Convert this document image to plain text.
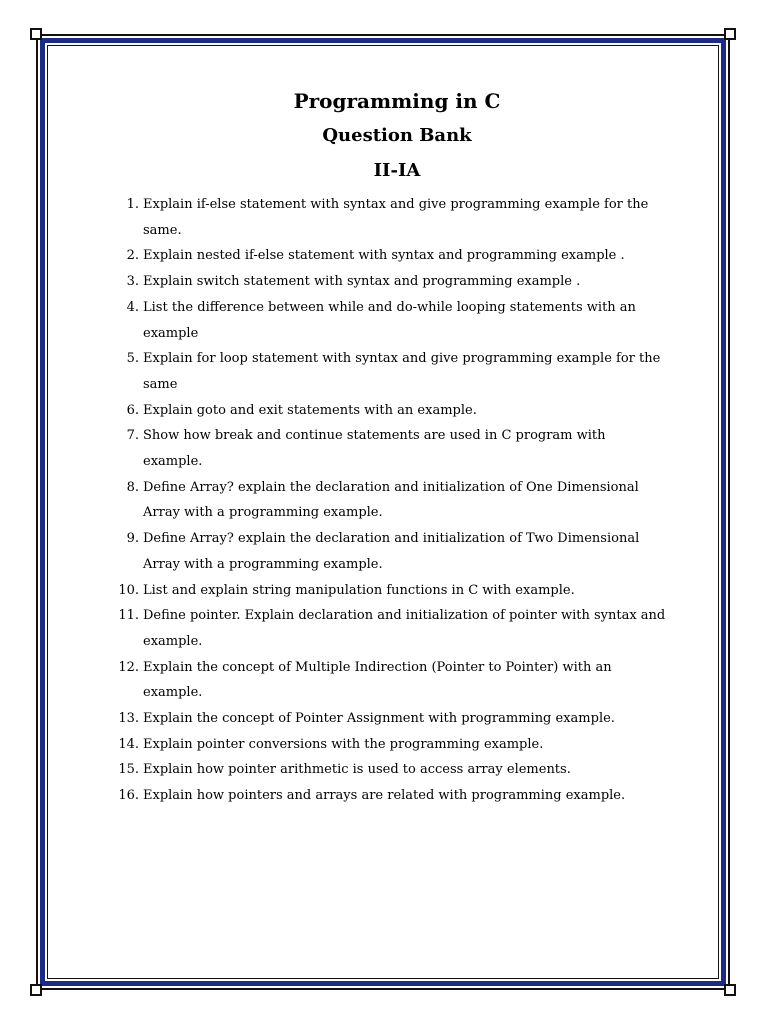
Programming in C
Question Bank
II-IA
1. Explain if-else statement with syntax and give programming example for the same.
2. Explain nested if-else statement with syntax and programming example .
3. Explain switch statement with syntax and programming example .
4. List the difference between while and do-while looping statements with an example
5. Explain for loop statement with syntax and give programming example for the same
6. Explain goto and exit statements with an example.
7. Show how break and continue statements are used in C program with example.
8. Define Array? explain the declaration and initialization of One Dimensional Array with a programming example.
9. Define Array? explain the declaration and initialization of Two Dimensional Array with a programming example.
10. List and explain string manipulation functions in C with example.
11. Define pointer. Explain declaration and initialization of pointer with syntax and example.
12. Explain the concept of Multiple Indirection (Pointer to Pointer) with an example.
13. Explain the concept of Pointer Assignment with programming example.
14. Explain pointer conversions with the programming example.
15. Explain how pointer arithmetic is used to access array elements.
16. Explain how pointers and arrays are related with programming example.
